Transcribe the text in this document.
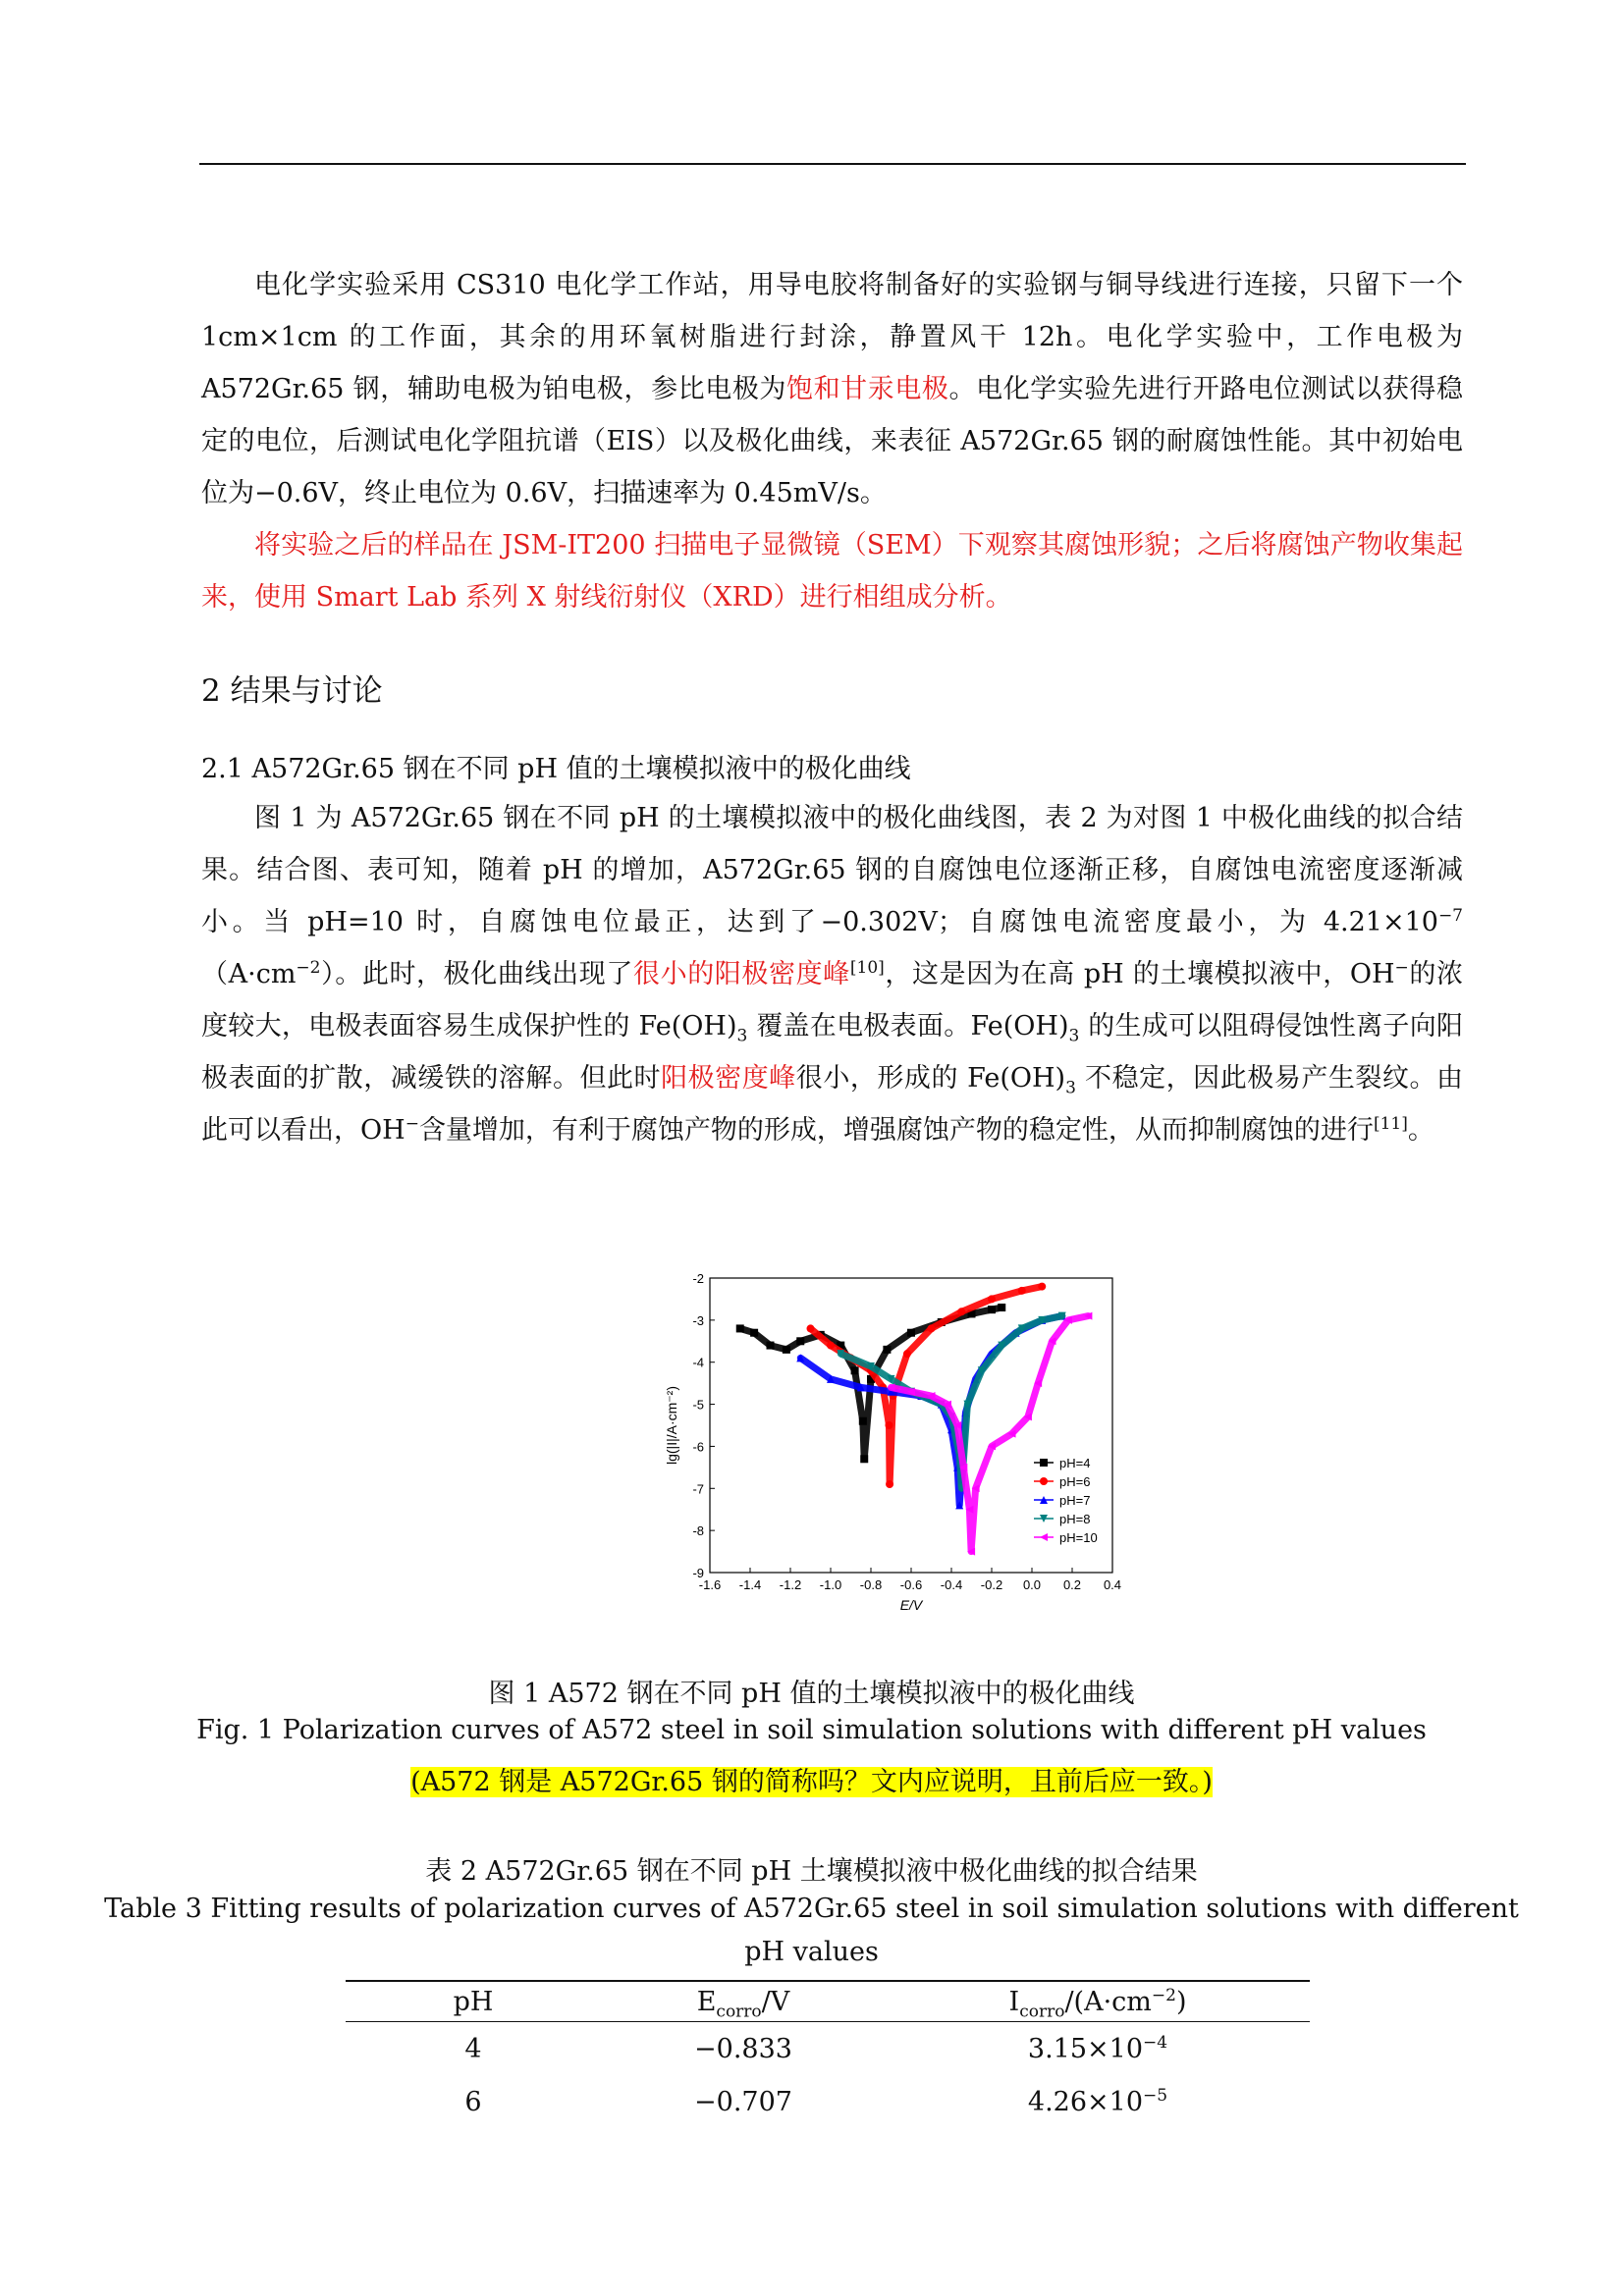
电化学实验采用 CS310 电化学工作站，用导电胶将制备好的实验钢与铜导线进行连接，只留下一个 1cm×1cm 的工作面，其余的用环氧树脂进行封涂，静置风干 12h。电化学实验中，工作电极为A572Gr.65 钢，辅助电极为铂电极，参比电极为饱和甘汞电极。电化学实验先进行开路电位测试以获得稳定的电位，后测试电化学阻抗谱（EIS）以及极化曲线，来表征 A572Gr.65 钢的耐腐蚀性能。其中初始电位为−0.6V，终止电位为 0.6V，扫描速率为 0.45mV/s。

将实验之后的样品在 JSM-IT200 扫描电子显微镜（SEM）下观察其腐蚀形貌；之后将腐蚀产物收集起来，使用 Smart Lab 系列 X 射线衍射仪（XRD）进行相组成分析。

2 结果与讨论
2.1 A572Gr.65 钢在不同 pH 值的土壤模拟液中的极化曲线

图 1 为 A572Gr.65 钢在不同 pH 的土壤模拟液中的极化曲线图，表 2 为对图 1 中极化曲线的拟合结果。结合图、表可知，随着 pH 的增加，A572Gr.65 钢的自腐蚀电位逐渐正移，自腐蚀电流密度逐渐减小。当 pH=10 时，自腐蚀电位最正，达到了−0.302V；自腐蚀电流密度最小，为 $4.21\times 10^{-7}(A\cdot cm^{-2})$。此时，极化曲线出现了很小的阳极密度峰[10]，这是因为在高 pH 的土壤模拟液中，OH−的浓度较大，电极表面容易生成保护性的 $Fe(OH)_3$ 覆盖在电极表面。$Fe(OH)_3$ 的生成可以阻碍侵蚀性离子向阳极表面的扩散，减缓铁的溶解。但此时阳极密度峰很小，形成的 $Fe(OH)_3$ 不稳定，因此极易产生裂纹。由此可以看出，OH−含量增加，有利于腐蚀产物的形成，增强腐蚀产物的稳定性，从而抑制腐蚀的进行[11]。

-1.6 -1.4 -1.2 -1.0 -0.8 -0.6 -0.4 -0.2 0.0 0.2 0.4
-2
-3
-4
-5
-6
-7
-8
-9
E/V
lg(|I|/A·cm⁻²)	pH=4
pH=6
pH=7
pH=8
pH=10

图 1 A572 钢在不同 pH 值的土壤模拟液中的极化曲线

Fig. 1 Polarization curves of A572 steel in soil simulation solutions with different pH values

(A572 钢是 A572Gr.65 钢的简称吗？文内应说明，且前后应一致。)

表 2 A572Gr.65 钢在不同 pH 土壤模拟液中极化曲线的拟合结果

Table 3 Fitting results of polarization curves of A572Gr.65 steel in soil simulation solutions with different

pH values

pH	$E_{corro}/V$	$I_{corro}/(A\cdot cm^{-2})$
4	−0.833	$3.15\times 10^{-4}$
6	−0.707	$4.26\times 10^{-5}$
